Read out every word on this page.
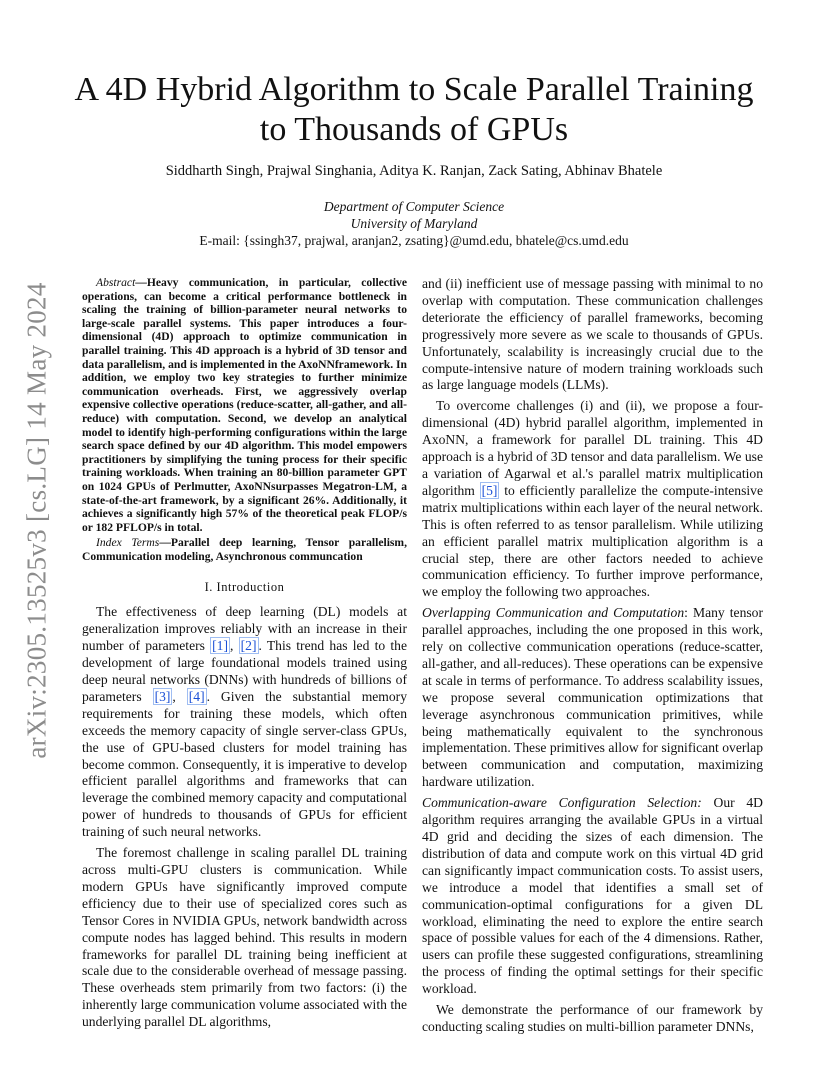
arXiv:2305.13525v3 [cs.LG] 14 May 2024
A 4D Hybrid Algorithm to Scale Parallel Training to Thousands of GPUs
Siddharth Singh, Prajwal Singhania, Aditya K. Ranjan, Zack Sating, Abhinav Bhatele
Department of Computer Science
University of Maryland
E-mail: {ssingh37, prajwal, aranjan2, zsating}@umd.edu, bhatele@cs.umd.edu

Abstract—Heavy communication, in particular, collective operations, can become a critical performance bottleneck in scaling the training of billion-parameter neural networks to large-scale parallel systems. This paper introduces a four-dimensional (4D) approach to optimize communication in parallel training. This 4D approach is a hybrid of 3D tensor and data parallelism, and is implemented in the AxoNNframework. In addition, we employ two key strategies to further minimize communication overheads. First, we aggressively overlap expensive collective operations (reduce-scatter, all-gather, and all-reduce) with computation. Second, we develop an analytical model to identify high-performing configurations within the large search space defined by our 4D algorithm. This model empowers practitioners by simplifying the tuning process for their specific training workloads. When training an 80-billion parameter GPT on 1024 GPUs of Perlmutter, AxoNNsurpasses Megatron-LM, a state-of-the-art framework, by a significant 26%. Additionally, it achieves a significantly high 57% of the theoretical peak FLOP/s or 182 PFLOP/s in total.

Index Terms—Parallel deep learning, Tensor parallelism, Communication modeling, Asynchronous communcation

I. Introduction

The effectiveness of deep learning (DL) models at generalization improves reliably with an increase in their number of parameters [1] , [2] . This trend has led to the development of large foundational models trained using deep neural networks (DNNs) with hundreds of billions of parameters [3] , [4] . Given the substantial memory requirements for training these models, which often exceeds the memory capacity of single server-class GPUs, the use of GPU-based clusters for model training has become common. Consequently, it is imperative to develop efficient parallel algorithms and frameworks that can leverage the combined memory capacity and computational power of hundreds to thousands of GPUs for efficient training of such neural networks.

The foremost challenge in scaling parallel DL training across multi-GPU clusters is communication. While modern GPUs have significantly improved compute efficiency due to their use of specialized cores such as Tensor Cores in NVIDIA GPUs, network bandwidth across compute nodes has lagged behind. This results in modern frameworks for parallel DL training being inefficient at scale due to the considerable overhead of message passing. These overheads stem primarily from two factors: (i) the inherently large communication volume associated with the underlying parallel DL algorithms,

and (ii) inefficient use of message passing with minimal to no overlap with computation. These communication challenges deteriorate the efficiency of parallel frameworks, becoming progressively more severe as we scale to thousands of GPUs. Unfortunately, scalability is increasingly crucial due to the compute-intensive nature of modern training workloads such as large language models (LLMs).

To overcome challenges (i) and (ii), we propose a four-dimensional (4D) hybrid parallel algorithm, implemented in AxoNN, a framework for parallel DL training. This 4D approach is a hybrid of 3D tensor and data parallelism. We use a variation of Agarwal et al.'s parallel matrix multiplication algorithm [5] to efficiently parallelize the compute-intensive matrix multiplications within each layer of the neural network. This is often referred to as tensor parallelism. While utilizing an efficient parallel matrix multiplication algorithm is a crucial step, there are other factors needed to achieve communication efficiency. To further improve performance, we employ the following two approaches.

Overlapping Communication and Computation: Many tensor parallel approaches, including the one proposed in this work, rely on collective communication operations (reduce-scatter, all-gather, and all-reduces). These operations can be expensive at scale in terms of performance. To address scalability issues, we propose several communication optimizations that leverage asynchronous communication primitives, while being mathematically equivalent to the synchronous implementation. These primitives allow for significant overlap between communication and computation, maximizing hardware utilization.

Communication-aware Configuration Selection: Our 4D algorithm requires arranging the available GPUs in a virtual 4D grid and deciding the sizes of each dimension. The distribution of data and compute work on this virtual 4D grid can significantly impact communication costs. To assist users, we introduce a model that identifies a small set of communication-optimal configurations for a given DL workload, eliminating the need to explore the entire search space of possible values for each of the 4 dimensions. Rather, users can profile these suggested configurations, streamlining the process of finding the optimal settings for their specific workload.

We demonstrate the performance of our framework by conducting scaling studies on multi-billion parameter DNNs,
